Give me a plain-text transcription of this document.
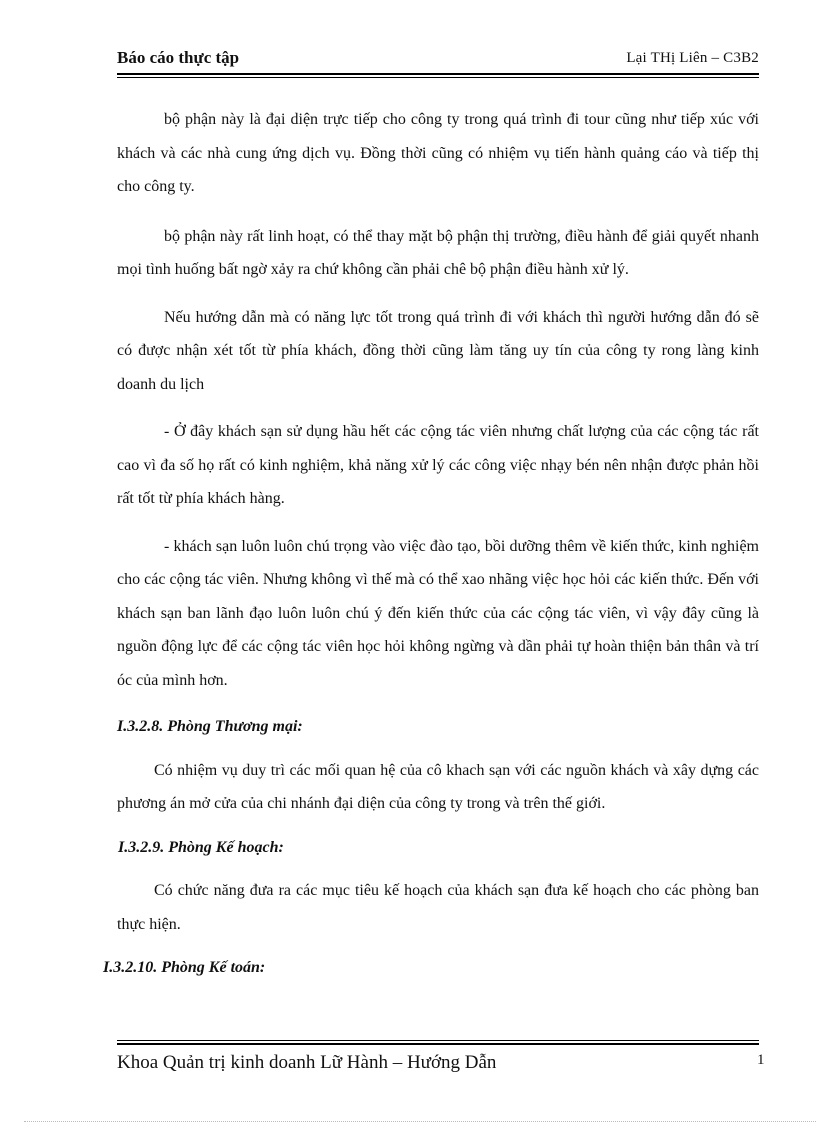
Báo cáo thực tập	Lại THị Liên – C3B2

bộ phận này là đại diện trực tiếp cho công ty trong quá trình đi tour cũng như tiếp xúc với khách và các nhà cung ứng dịch vụ. Đồng thời cũng có nhiệm vụ tiến hành quảng cáo và tiếp thị cho công ty.

bộ phận này rất linh hoạt, có thể thay mặt bộ phận thị trường, điều hành để giải quyết nhanh mọi tình huống bất ngờ xảy ra chứ không cần phải chê bộ phận điều hành xử lý.

Nếu hướng dẫn mà có năng lực tốt trong quá trình đi với khách thì người hướng dẫn đó sẽ có được nhận xét tốt từ phía khách, đồng thời cũng làm tăng uy tín của công ty rong làng kinh doanh du lịch

- Ở đây khách sạn sử dụng hầu hết các cộng tác viên nhưng chất lượng của các cộng tác rất cao vì đa số họ rất có kinh nghiệm, khả năng xử lý các công việc nhạy bén nên nhận được phản hồi rất tốt từ phía khách hàng.

- khách sạn luôn luôn chú trọng vào việc đào tạo, bồi dưỡng thêm về kiến thức, kinh nghiệm cho các cộng tác viên. Nhưng không vì thế mà có thể xao nhãng việc học hỏi các kiến thức. Đến với khách sạn ban lãnh đạo luôn luôn chú ý đến kiến thức của các cộng tác viên, vì vậy đây cũng là nguồn động lực để các cộng tác viên học hỏi không ngừng và dần phải tự hoàn thiện bản thân và trí óc của mình hơn.

I.3.2.8. Phòng Thương mại:

Có nhiệm vụ duy trì các mối quan hệ của cô khach sạn với các nguồn khách và xây dựng các phương án mở cửa của chi nhánh đại diện của công ty trong và trên thế giới.

I.3.2.9. Phòng Kế hoạch:

Có chức năng đưa ra các mục tiêu kế hoạch của khách sạn đưa kế hoạch cho các phòng ban thực hiện.

I.3.2.10. Phòng Kế toán:

Khoa Quản trị kinh doanh Lữ Hành – Hướng Dẫn	1
